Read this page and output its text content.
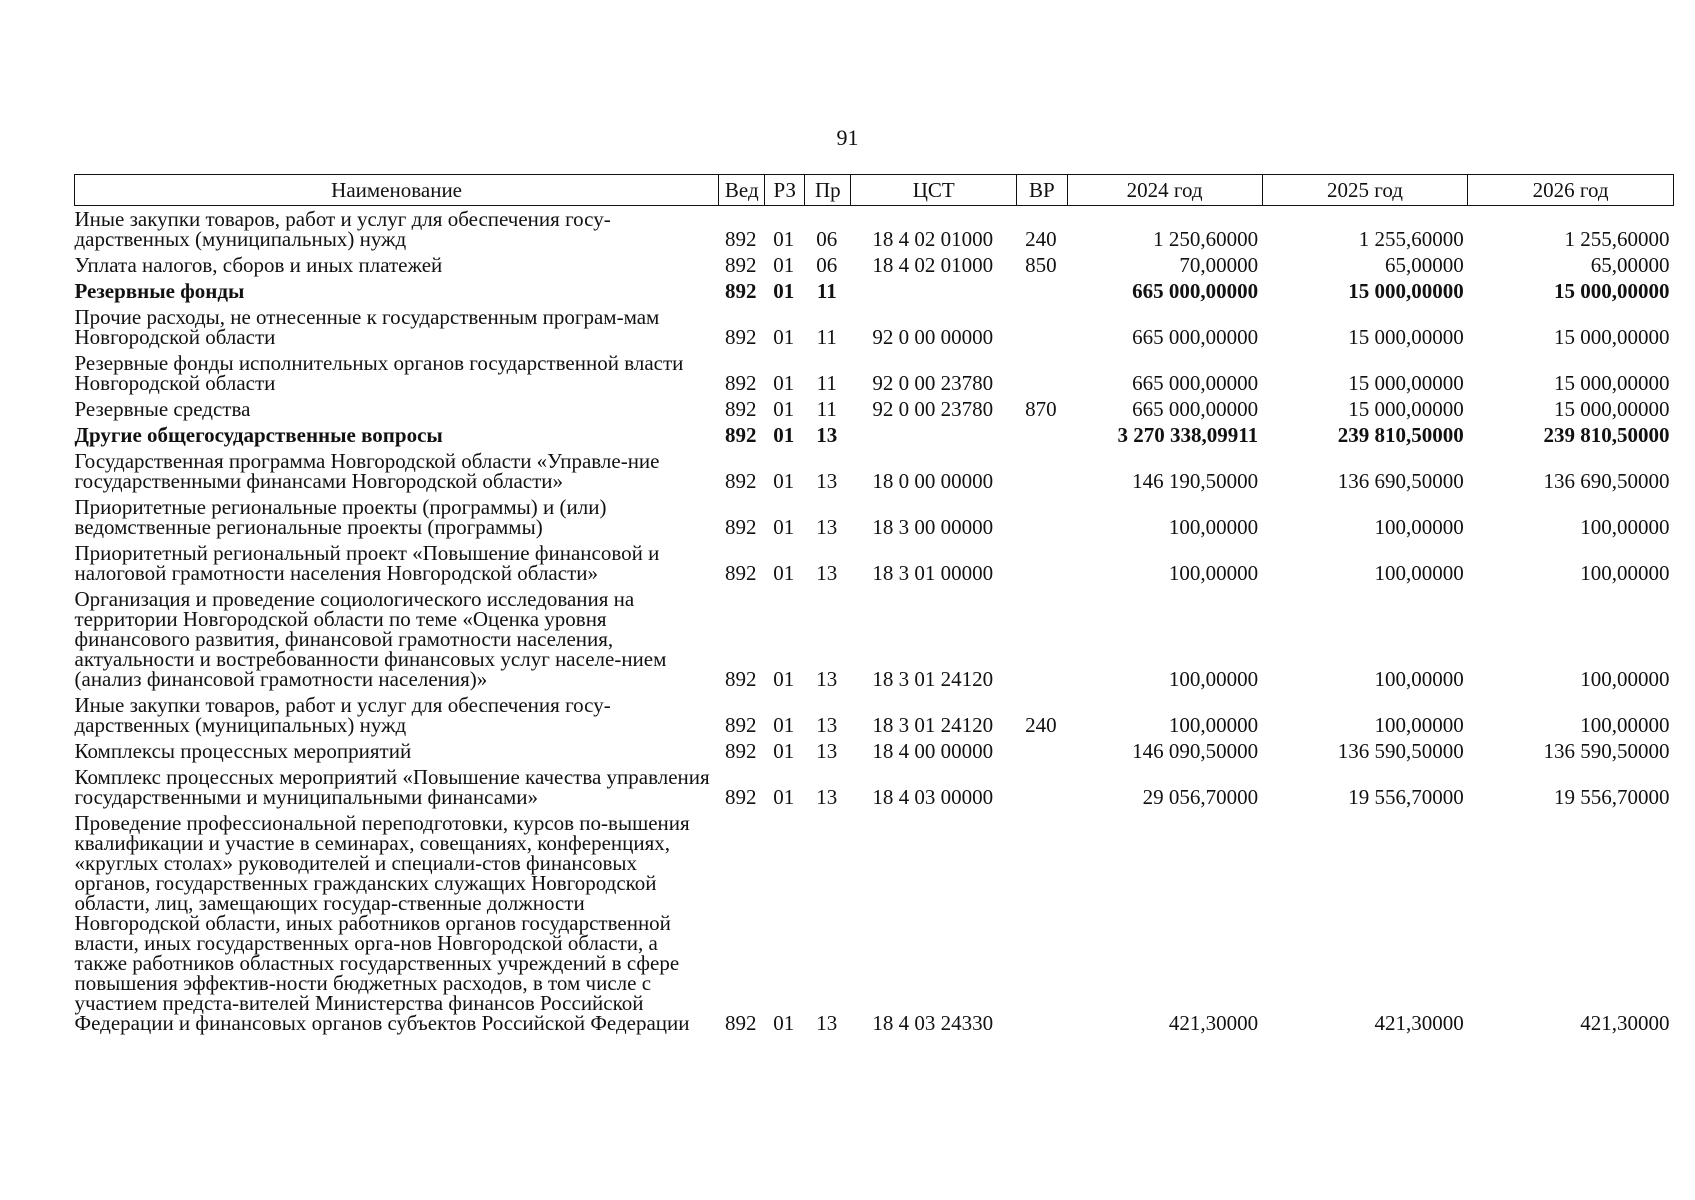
91
Наименование	Вед	РЗ	Пр	ЦСТ	ВР	2024 год	2025 год	2026 год
Иные закупки товаров, работ и услуг для обеспечения госу-дарственных (муниципальных) нужд	892	01	06	18 4 02 01000	240	1 250,60000	1 255,60000	1 255,60000
Уплата налогов, сборов и иных платежей	892	01	06	18 4 02 01000	850	70,00000	65,00000	65,00000
Резервные фонды	892	01	11			665 000,00000	15 000,00000	15 000,00000
Прочие расходы, не отнесенные к государственным програм-мам Новгородской области	892	01	11	92 0 00 00000		665 000,00000	15 000,00000	15 000,00000
Резервные фонды исполнительных органов государственной власти Новгородской области	892	01	11	92 0 00 23780		665 000,00000	15 000,00000	15 000,00000
Резервные средства	892	01	11	92 0 00 23780	870	665 000,00000	15 000,00000	15 000,00000
Другие общегосударственные вопросы	892	01	13			3 270 338,09911	239 810,50000	239 810,50000
Государственная программа Новгородской области «Управле-ние государственными финансами Новгородской области»	892	01	13	18 0 00 00000		146 190,50000	136 690,50000	136 690,50000
Приоритетные региональные проекты (программы) и (или) ведомственные региональные проекты (программы)	892	01	13	18 3 00 00000		100,00000	100,00000	100,00000
Приоритетный региональный проект «Повышение финансовой и налоговой грамотности населения Новгородской области»	892	01	13	18 3 01 00000		100,00000	100,00000	100,00000
Организация и проведение социологического исследования на территории Новгородской области по теме «Оценка уровня финансового развития, финансовой грамотности населения, актуальности и востребованности финансовых услуг населе-нием (анализ финансовой грамотности населения)»	892	01	13	18 3 01 24120		100,00000	100,00000	100,00000
Иные закупки товаров, работ и услуг для обеспечения госу-дарственных (муниципальных) нужд	892	01	13	18 3 01 24120	240	100,00000	100,00000	100,00000
Комплексы процессных мероприятий	892	01	13	18 4 00 00000		146 090,50000	136 590,50000	136 590,50000
Комплекс процессных мероприятий «Повышение качества управления государственными и муниципальными финансами»	892	01	13	18 4 03 00000		29 056,70000	19 556,70000	19 556,70000
Проведение профессиональной переподготовки, курсов по-вышения квалификации и участие в семинарах, совещаниях, конференциях, «круглых столах» руководителей и специали-стов финансовых органов, государственных гражданских служащих Новгородской области, лиц, замещающих государ-ственные должности Новгородской области, иных работников органов государственной власти, иных государственных орга-нов Новгородской области, а также работников областных государственных учреждений в сфере повышения эффектив-ности бюджетных расходов, в том числе с участием предста-вителей Министерства финансов Российской Федерации и финансовых органов субъектов Российской Федерации	892	01	13	18 4 03 24330		421,30000	421,30000	421,30000
